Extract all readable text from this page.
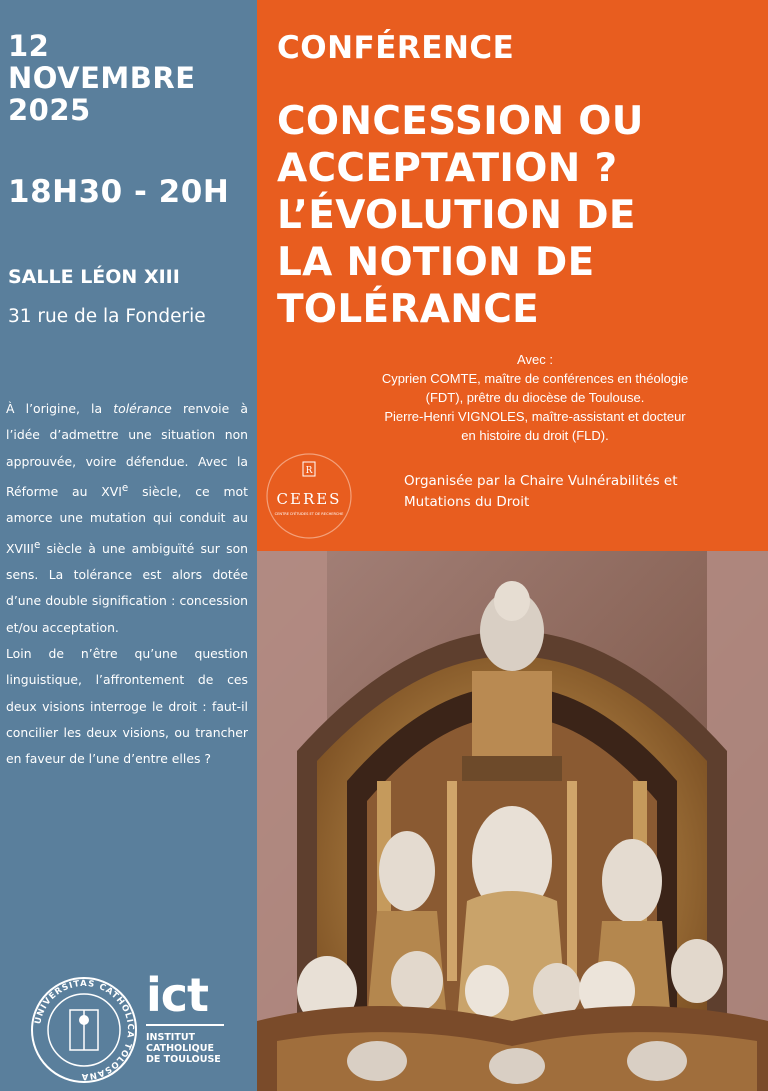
12
NOVEMBRE
2025
18H30 - 20H
SALLE LÉON XIII
31 rue de la Fonderie

À l’origine, la tolérance renvoie à l’idée d’admettre une situation non approuvée, voire défendue. Avec la Réforme au XVIe siècle, ce mot amorce une mutation qui conduit au XVIIIe siècle à une ambiguïté sur son sens. La tolérance est alors dotée d’une double signification : concession et/ou acceptation.

Loin de n’être qu’une question linguistique, l’affrontement de ces deux visions interroge le droit : faut-il concilier les deux visions, ou trancher en faveur de l’une d’entre elles ?

UNIVERSITAS CATHOLICA TOLOSANA
ict
INSTITUT
CATHOLIQUE
DE TOULOUSE
CONFÉRENCE
CONCESSION OU
ACCEPTATION ?
L’ÉVOLUTION DE
LA NOTION DE
TOLÉRANCE
Avec :
Cyprien COMTE, maître de conférences en théologie
(FDT), prêtre du diocèse de Toulouse.
Pierre-Henri VIGNOLES, maître-assistant et docteur
en histoire du droit (FLD).
R
CERES
CENTRE D'ÉTUDES ET DE RECHERCHE
Organisée par la Chaire Vulnérabilités et
Mutations du Droit
